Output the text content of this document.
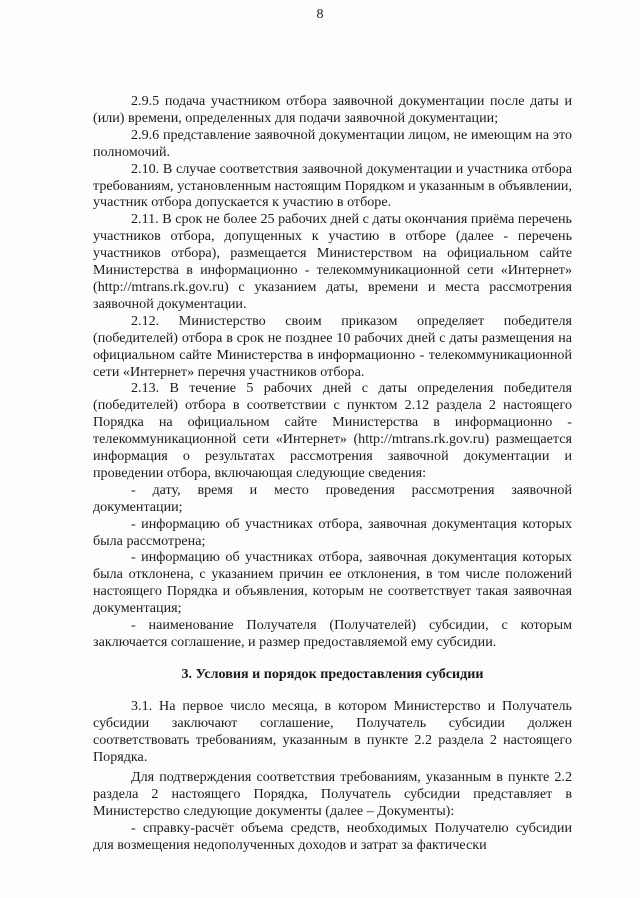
8

2.9.5 подача участником отбора заявочной документации после даты и (или) времени, определенных для подачи заявочной документации;

2.9.6 представление заявочной документации лицом, не имеющим на это полномочий.

2.10. В случае соответствия заявочной документации и участника отбора требованиям, установленным настоящим Порядком и указанным в объявлении, участник отбора допускается к участию в отборе.

2.11. В срок не более 25 рабочих дней с даты окончания приёма перечень участников отбора, допущенных к участию в отборе (далее - перечень участников отбора), размещается Министерством на официальном сайте Министерства в информационно - телекоммуникационной сети «Интернет» (http://mtrans.rk.gov.ru) с указанием даты, времени и места рассмотрения заявочной документации.

2.12. Министерство своим приказом определяет победителя (победителей) отбора в срок не позднее 10 рабочих дней с даты размещения на официальном сайте Министерства в информационно - телекоммуникационной сети «Интернет» перечня участников отбора.

2.13. В течение 5 рабочих дней с даты определения победителя (победителей) отбора в соответствии с пунктом 2.12 раздела 2 настоящего Порядка на официальном сайте Министерства в информационно - телекоммуникационной сети «Интернет» (http://mtrans.rk.gov.ru) размещается информация о результатах рассмотрения заявочной документации и проведении отбора, включающая следующие сведения:

- дату, время и место проведения рассмотрения заявочной документации;

- информацию об участниках отбора, заявочная документация которых была рассмотрена;

- информацию об участниках отбора, заявочная документация которых была отклонена, с указанием причин ее отклонения, в том числе положений настоящего Порядка и объявления, которым не соответствует такая заявочная документация;

- наименование Получателя (Получателей) субсидии, с которым заключается соглашение, и размер предоставляемой ему субсидии.

3. Условия и порядок предоставления субсидии

3.1. На первое число месяца, в котором Министерство и Получатель субсидии заключают соглашение, Получатель субсидии должен соответствовать требованиям, указанным в пункте 2.2 раздела 2 настоящего Порядка.

Для подтверждения соответствия требованиям, указанным в пункте 2.2 раздела 2 настоящего Порядка, Получатель субсидии представляет в Министерство следующие документы (далее – Документы):

- справку-расчёт объема средств, необходимых Получателю субсидии для возмещения недополученных доходов и затрат за фактически
